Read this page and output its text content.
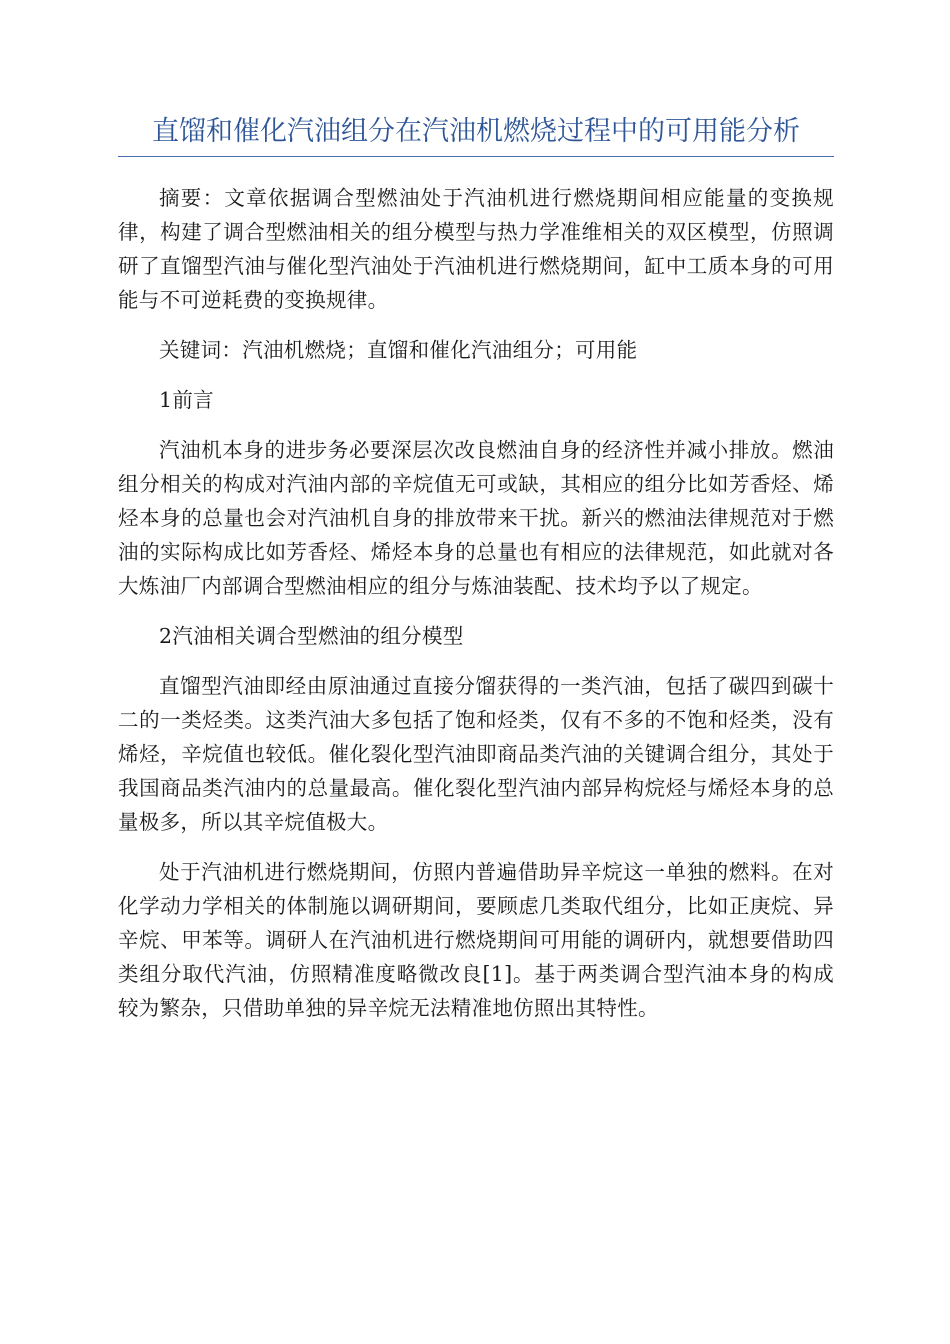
直馏和催化汽油组分在汽油机燃烧过程中的可用能分析

摘要：文章依据调合型燃油处于汽油机进行燃烧期间相应能量的变换规律，构建了调合型燃油相关的组分模型与热力学准维相关的双区模型，仿照调研了直馏型汽油与催化型汽油处于汽油机进行燃烧期间，缸中工质本身的可用能与不可逆耗费的变换规律。

关键词：汽油机燃烧；直馏和催化汽油组分；可用能

1前言

汽油机本身的进步务必要深层次改良燃油自身的经济性并减小排放。燃油组分相关的构成对汽油内部的辛烷值无可或缺，其相应的组分比如芳香烃、烯烃本身的总量也会对汽油机自身的排放带来干扰。新兴的燃油法律规范对于燃油的实际构成比如芳香烃、烯烃本身的总量也有相应的法律规范，如此就对各大炼油厂内部调合型燃油相应的组分与炼油装配、技术均予以了规定。

2汽油相关调合型燃油的组分模型

直馏型汽油即经由原油通过直接分馏获得的一类汽油，包括了碳四到碳十二的一类烃类。这类汽油大多包括了饱和烃类，仅有不多的不饱和烃类，没有烯烃，辛烷值也较低。催化裂化型汽油即商品类汽油的关键调合组分，其处于我国商品类汽油内的总量最高。催化裂化型汽油内部异构烷烃与烯烃本身的总量极多，所以其辛烷值极大。

处于汽油机进行燃烧期间，仿照内普遍借助异辛烷这一单独的燃料。在对化学动力学相关的体制施以调研期间，要顾虑几类取代组分，比如正庚烷、异辛烷、甲苯等。调研人在汽油机进行燃烧期间可用能的调研内，就想要借助四类组分取代汽油，仿照精准度略微改良[1]。基于两类调合型汽油本身的构成较为繁杂，只借助单独的异辛烷无法精准地仿照出其特性。
